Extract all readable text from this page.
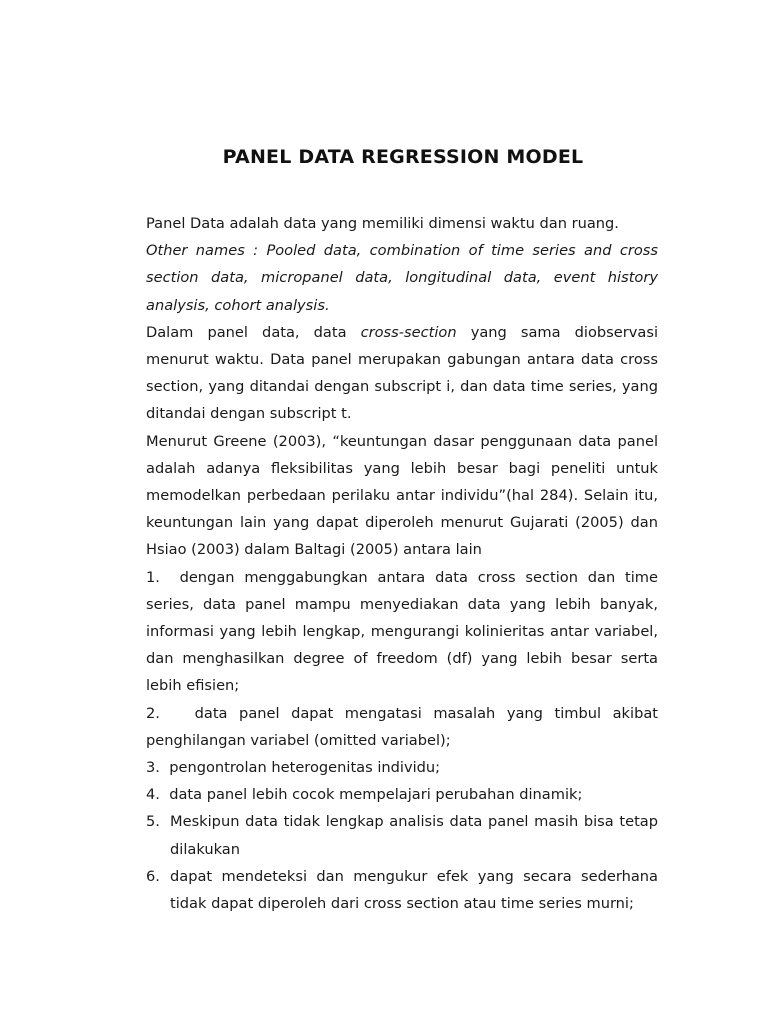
PANEL DATA REGRESSION MODEL

Panel Data adalah data yang memiliki dimensi waktu dan ruang.

Other names : Pooled data, combination of time series and cross section data, micropanel data, longitudinal data, event history analysis, cohort analysis.

Dalam panel data, data cross-section yang sama diobservasi menurut waktu. Data panel merupakan gabungan antara data cross section, yang ditandai dengan subscript i, dan data time series, yang ditandai dengan subscript t.

Menurut Greene (2003), “keuntungan dasar penggunaan data panel adalah adanya fleksibilitas yang lebih besar bagi peneliti untuk memodelkan perbedaan perilaku antar individu”(hal 284). Selain itu, keuntungan lain yang dapat diperoleh menurut Gujarati (2005) dan Hsiao (2003) dalam Baltagi (2005) antara lain

1. dengan menggabungkan antara data cross section dan time series, data panel mampu menyediakan data yang lebih banyak, informasi yang lebih lengkap, mengurangi kolinieritas antar variabel, dan menghasilkan degree of freedom (df) yang lebih besar serta lebih efisien;
2. data panel dapat mengatasi masalah yang timbul akibat penghilangan variabel (omitted variabel);
3. pengontrolan heterogenitas individu;
4. data panel lebih cocok mempelajari perubahan dinamik;
5. Meskipun data tidak lengkap analisis data panel masih bisa tetap dilakukan
6. dapat mendeteksi dan mengukur efek yang secara sederhana tidak dapat diperoleh dari cross section atau time series murni;
